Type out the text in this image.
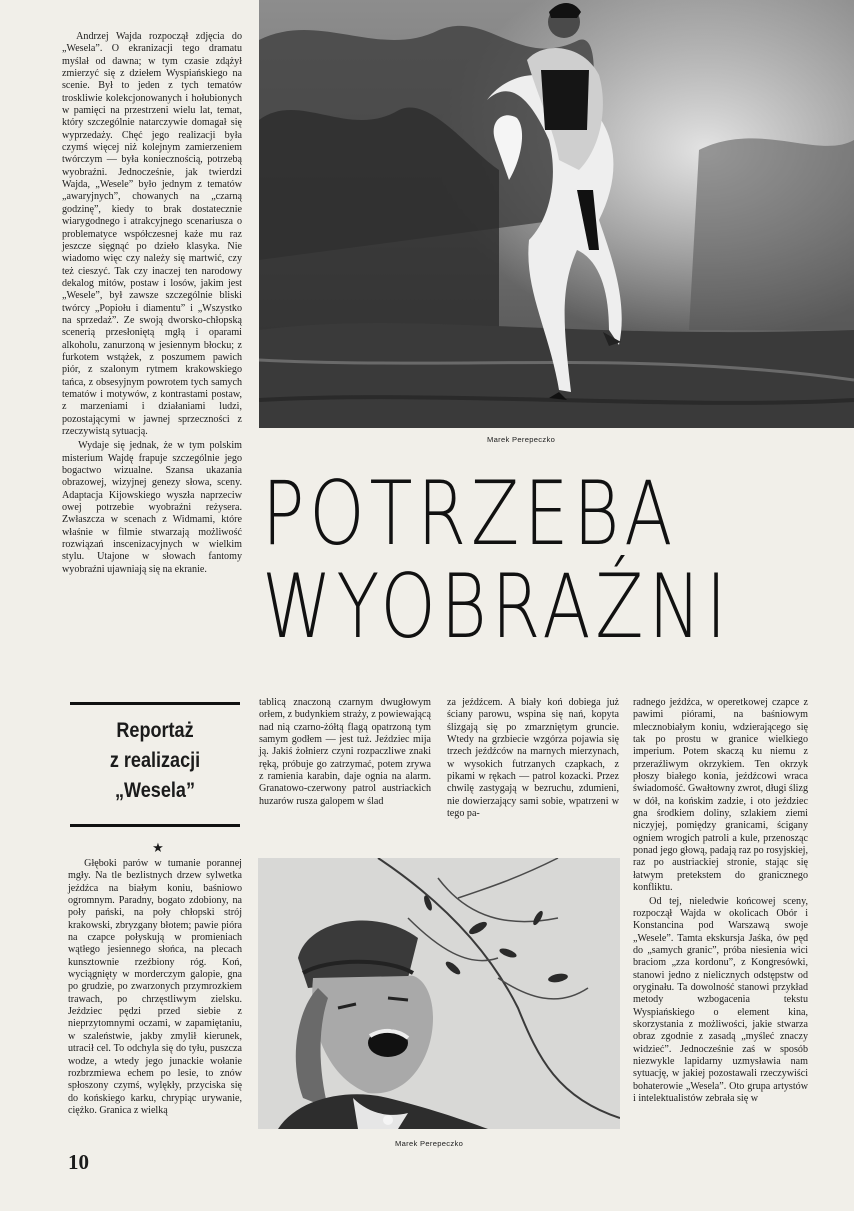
Andrzej Wajda rozpoczął zdjęcia do „Wesela”. O ekranizacji tego dramatu myślał od dawna; w tym czasie zdążył zmierzyć się z dziełem Wyspiańskiego na scenie. Był to jeden z tych tematów troskliwie kolekcjonowanych i hołubionych w pamięci na przestrzeni wielu lat, temat, który szczególnie natarczywie domagał się wyprzedaży. Chęć jego realizacji była czymś więcej niż kolejnym zamierzeniem twórczym — była koniecznością, potrzebą wyobraźni. Jednocześnie, jak twierdzi Wajda, „Wesele” było jednym z tematów „awaryjnych”, chowanych na „czarną godzinę”, kiedy to brak dostatecznie wiarygodnego i atrakcyjnego scenariusza o problematyce współczesnej każe mu raz jeszcze sięgnąć po dzieło klasyka. Nie wiadomo więc czy należy się martwić, czy też cieszyć. Tak czy inaczej ten narodowy dekalog mitów, postaw i losów, jakim jest „Wesele”, był zawsze szczególnie bliski twórcy „Popiołu i diamentu” i „Wszystko na sprzedaż”. Ze swoją dworsko-chłopską scenerią przesłoniętą mgłą i oparami alkoholu, zanurzoną w jesiennym błocku; z furkotem wstążek, z poszumem pawich piór, z szalonym rytmem krakowskiego tańca, z obsesyjnym powrotem tych samych tematów i motywów, z kontrastami postaw, z marzeniami i działaniami ludzi, pozostającymi w jawnej sprzeczności z rzeczywistą sytuacją.

Wydaje się jednak, że w tym polskim misterium Wajdę frapuje szczególnie jego bogactwo wizualne. Szansa ukazania obrazowej, wizyjnej genezy słowa, sceny. Adaptacja Kijowskiego wyszła naprzeciw owej potrzebie wyobraźni reżysera. Zwłaszcza w scenach z Widmami, które właśnie w filmie stwarzają możliwość rozwiązań inscenizacyjnych w wielkim stylu. Utajone w słowach fantomy wyobraźni ujawniają się na ekranie.

Marek Perepeczko
POTRZEBA
WYOBRAŹNI
Reportaż
z realizacji
„Wesela”
★

Głęboki parów w tumanie porannej mgły. Na tle bezlistnych drzew sylwetka jeźdźca na białym koniu, baśniowo ogromnym. Paradny, bogato zdobiony, na poły pański, na poły chłopski strój krakowski, zbryzgany błotem; pawie pióra na czapce połyskują w promieniach wątłego jesiennego słońca, na plecach kunsztownie rzeźbiony róg. Koń, wyciągnięty w morderczym galopie, gna po grudzie, po zwarzonych przymrozkiem trawach, po chrzęstliwym zielsku. Jeździec pędzi przed siebie z nieprzytomnymi oczami, w zapamiętaniu, w szaleństwie, jakby zmylił kierunek, utracił cel. To odchyla się do tyłu, puszcza wodze, a wtedy jego junackie wołanie rozbrzmiewa echem po lesie, to znów spłoszony czymś, wylękły, przyciska się do końskiego karku, chrypiąc urywanie, ciężko. Granica z wielką

tablicą znaczoną czarnym dwugłowym orłem, z budynkiem straży, z powiewającą nad nią czarno-żółtą flagą opatrzoną tym samym godłem — jest tuż. Jeździec mija ją. Jakiś żołnierz czyni rozpaczliwe znaki ręką, próbuje go zatrzymać, potem zrywa z ramienia karabin, daje ognia na alarm. Granatowo-czerwony patrol austriackich huzarów rusza galopem w ślad

za jeźdźcem. A biały koń dobiega już ściany parowu, wspina się nań, kopyta ślizgają się po zmarzniętym gruncie. Wtedy na grzbiecie wzgórza pojawia się trzech jeźdźców na marnych mierzynach, w wysokich futrzanych czapkach, z pikami w rękach — patrol kozacki. Przez chwilę zastygają w bezruchu, zdumieni, nie dowierzający sami sobie, wpatrzeni w tego pa-

Marek Perepeczko

radnego jeźdźca, w operetkowej czapce z pawimi piórami, na baśniowym mlecznobiałym koniu, wdzierającego się tak po prostu w granice wielkiego imperium. Potem skaczą ku niemu z przeraźliwym okrzykiem. Ten okrzyk płoszy białego konia, jeźdźcowi wraca świadomość. Gwałtowny zwrot, długi ślizg w dół, na końskim zadzie, i oto jeździec gna środkiem doliny, szlakiem ziemi niczyjej, pomiędzy granicami, ścigany ogniem wrogich patroli a kule, przenosząc ponad jego głową, padają raz po rosyjskiej, raz po austriackiej stronie, stając się łatwym pretekstem do granicznego konfliktu.

Od tej, nieledwie końcowej sceny, rozpoczął Wajda w okolicach Obór i Konstancina pod Warszawą swoje „Wesele”. Tamta ekskursja Jaśka, ów pęd do „samych granic”, próba niesienia wici braciom „zza kordonu”, z Kongresówki, stanowi jedno z nielicznych odstępstw od oryginału. Ta dowolność stanowi przykład metody wzbogacenia tekstu Wyspiańskiego o element kina, skorzystania z możliwości, jakie stwarza obraz zgodnie z zasadą „myśleć znaczy widzieć”. Jednocześnie zaś w sposób niezwykle lapidarny uzmysławia nam sytuację, w jakiej pozostawali rzeczywiści bohaterowie „Wesela”. Oto grupa artystów i intelektualistów zebrała się w

10
